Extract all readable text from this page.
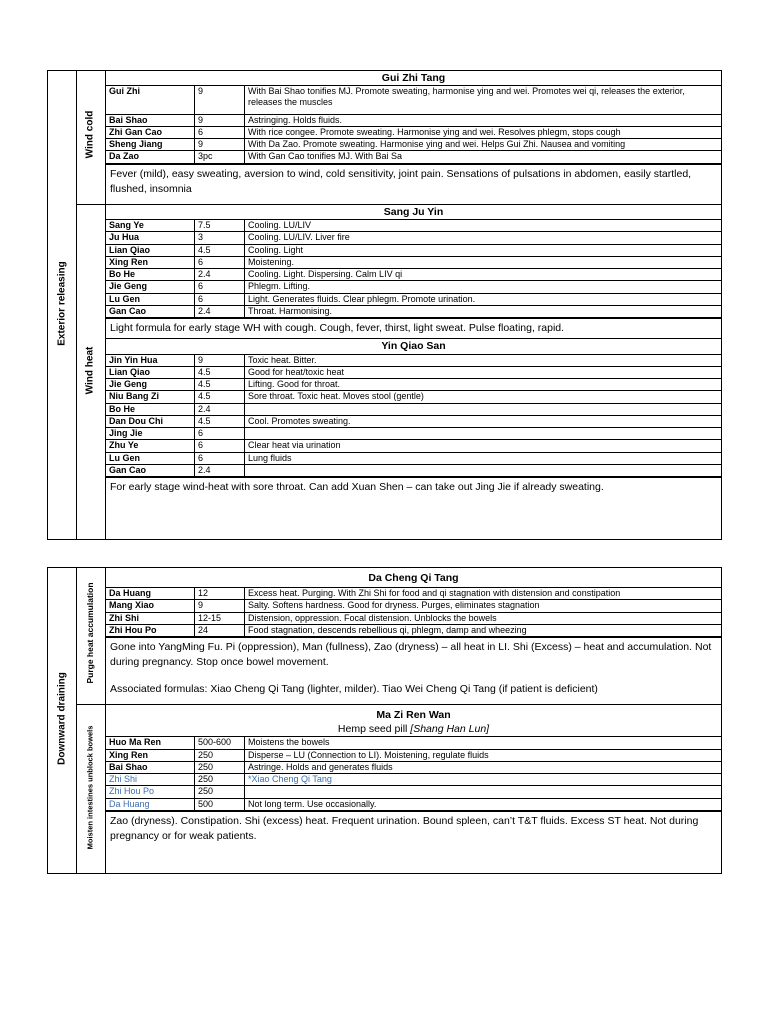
Exterior releasing
Wind cold
Gui Zhi Tang
Gui Zhi	9	With Bai Shao tonifies MJ. Promote sweating, harmonise ying and wei. Promotes wei qi, releases the exterior, releases the muscles
Bai Shao	9	Astringing. Holds fluids.
Zhi Gan Cao	6	With rice congee. Promote sweating. Harmonise ying and wei. Resolves phlegm, stops cough
Sheng Jiang	9	With Da Zao. Promote sweating. Harmonise ying and wei. Helps Gui Zhi. Nausea and vomiting
Da Zao	3pc	With Gan Cao tonifies MJ. With Bai Sa
Fever (mild), easy sweating, aversion to wind, cold sensitivity, joint pain. Sensations of pulsations in abdomen, easily startled, flushed, insomnia
Wind heat
Sang Ju Yin
Sang Ye	7.5	Cooling. LU/LIV
Ju Hua	3	Cooling. LU/LIV. Liver fire
Lian Qiao	4.5	Cooling. Light
Xing Ren	6	Moistening.
Bo He	2.4	Cooling. Light. Dispersing. Calm LIV qi
Jie Geng	6	Phlegm. Lifting.
Lu Gen	6	Light. Generates fluids. Clear phlegm. Promote urination.
Gan Cao	2.4	Throat. Harmonising.
Light formula for early stage WH with cough. Cough, fever, thirst, light sweat. Pulse floating, rapid.
Yin Qiao San
Jin Yin Hua	9	Toxic heat. Bitter.
Lian Qiao	4.5	Good for heat/toxic heat
Jie Geng	4.5	Lifting. Good for throat.
Niu Bang Zi	4.5	Sore throat. Toxic heat. Moves stool (gentle)
Bo He	2.4	
Dan Dou Chi	4.5	Cool. Promotes sweating.
Jing Jie	6	
Zhu Ye	6	Clear heat via urination
Lu Gen	6	Lung fluids
Gan Cao	2.4	
For early stage wind-heat with sore throat. Can add Xuan Shen – can take out Jing Jie if already sweating.
Downward draining
Purge heat accumulation
Da Cheng Qi Tang
Da Huang	12	Excess heat. Purging. With Zhi Shi for food and qi stagnation with distension and constipation
Mang Xiao	9	Salty. Softens hardness. Good for dryness. Purges, eliminates stagnation
Zhi Shi	12-15	Distension, oppression. Focal distension. Unblocks the bowels
Zhi Hou Po	24	Food stagnation, descends rebellious qi, phlegm, damp and wheezing
Gone into YangMing Fu. Pi (oppression), Man (fullness), Zao (dryness) – all heat in LI. Shi (Excess) – heat and accumulation. Not during pregnancy. Stop once bowel movement.
Associated formulas: Xiao Cheng Qi Tang (lighter, milder). Tiao Wei Cheng Qi Tang (if patient is deficient)
Moisten intestines unblock bowels
Ma Zi Ren Wan
Hemp seed pill [Shang Han Lun]
Huo Ma Ren	500-600	Moistens the bowels
Xing Ren	250	Disperse – LU (Connection to LI). Moistening, regulate fluids
Bai Shao	250	Astringe. Holds and generates fluids
Zhi Shi	250	*Xiao Cheng Qi Tang
Zhi Hou Po	250	
Da Huang	500	Not long term. Use occasionally.
Zao (dryness). Constipation. Shi (excess) heat. Frequent urination. Bound spleen, can’t T&T fluids. Excess ST heat. Not during pregnancy or for weak patients.
